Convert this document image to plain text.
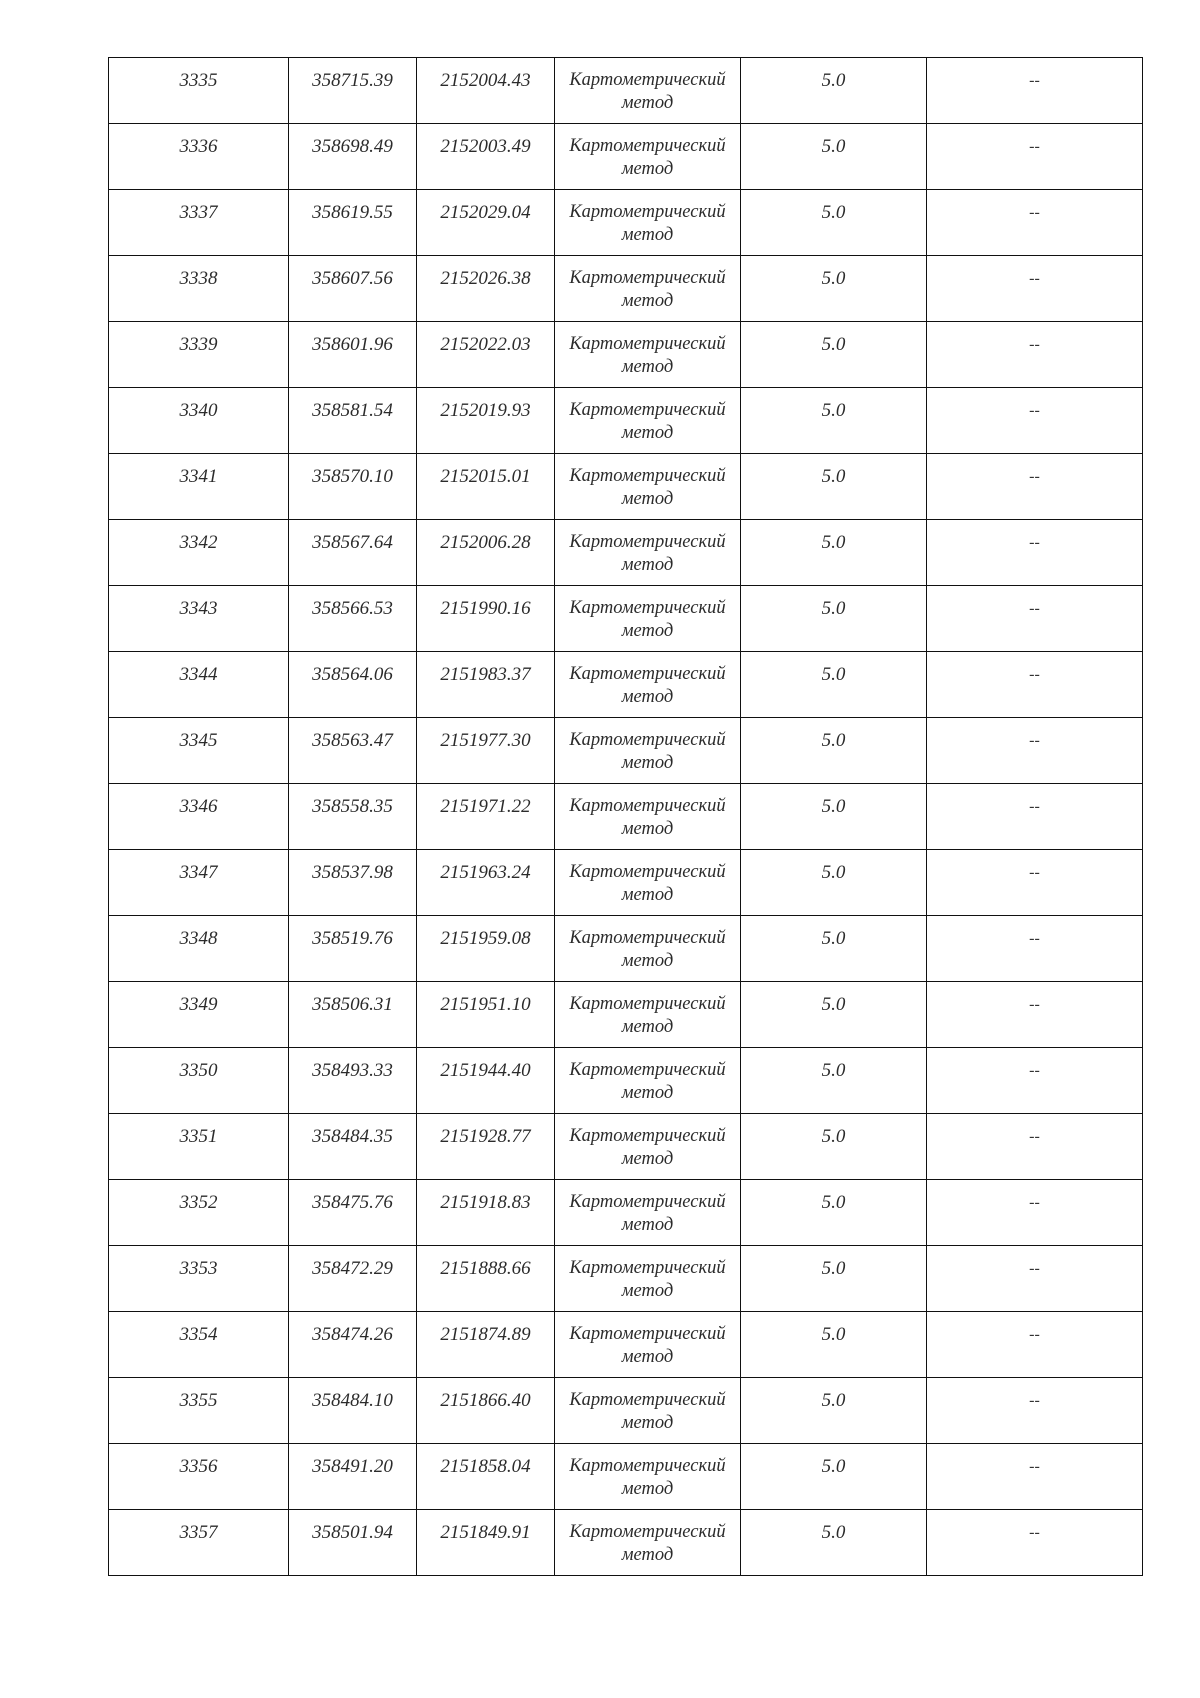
3335	358715.39	2152004.43	Картометрический метод	5.0	--
3336	358698.49	2152003.49	Картометрический метод	5.0	--
3337	358619.55	2152029.04	Картометрический метод	5.0	--
3338	358607.56	2152026.38	Картометрический метод	5.0	--
3339	358601.96	2152022.03	Картометрический метод	5.0	--
3340	358581.54	2152019.93	Картометрический метод	5.0	--
3341	358570.10	2152015.01	Картометрический метод	5.0	--
3342	358567.64	2152006.28	Картометрический метод	5.0	--
3343	358566.53	2151990.16	Картометрический метод	5.0	--
3344	358564.06	2151983.37	Картометрический метод	5.0	--
3345	358563.47	2151977.30	Картометрический метод	5.0	--
3346	358558.35	2151971.22	Картометрический метод	5.0	--
3347	358537.98	2151963.24	Картометрический метод	5.0	--
3348	358519.76	2151959.08	Картометрический метод	5.0	--
3349	358506.31	2151951.10	Картометрический метод	5.0	--
3350	358493.33	2151944.40	Картометрический метод	5.0	--
3351	358484.35	2151928.77	Картометрический метод	5.0	--
3352	358475.76	2151918.83	Картометрический метод	5.0	--
3353	358472.29	2151888.66	Картометрический метод	5.0	--
3354	358474.26	2151874.89	Картометрический метод	5.0	--
3355	358484.10	2151866.40	Картометрический метод	5.0	--
3356	358491.20	2151858.04	Картометрический метод	5.0	--
3357	358501.94	2151849.91	Картометрический метод	5.0	--
